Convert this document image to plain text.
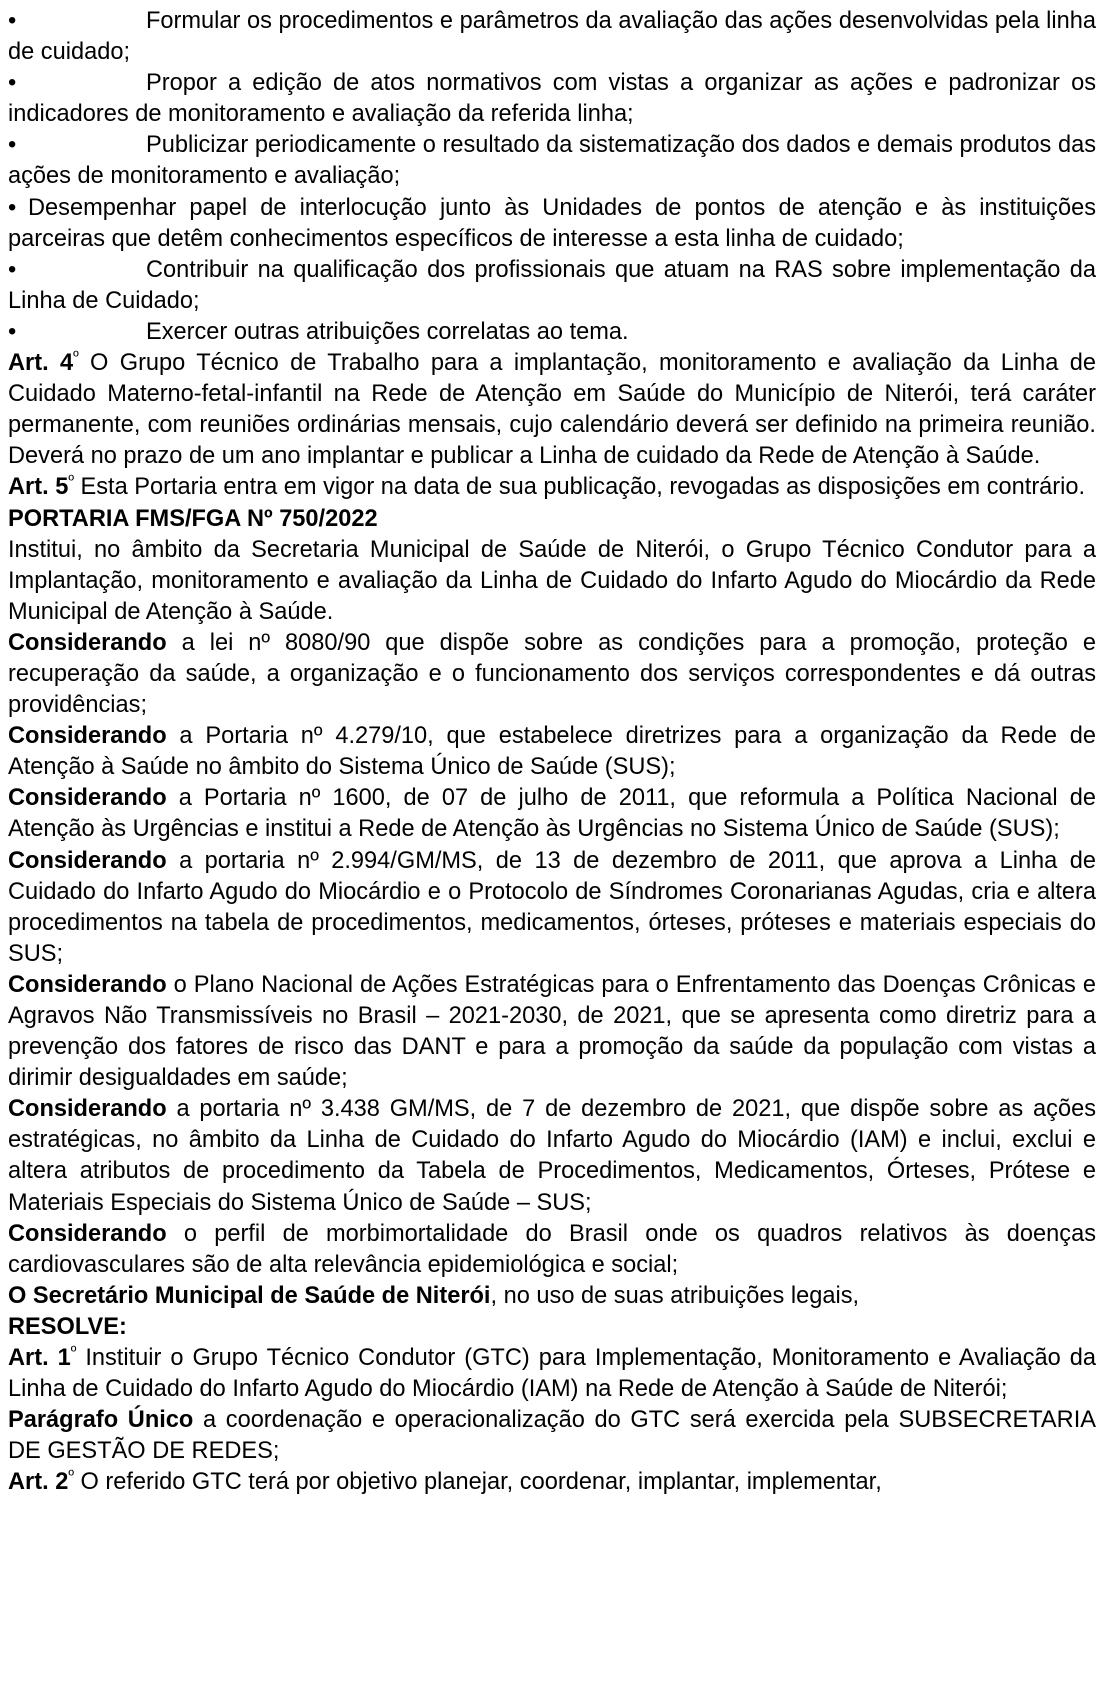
•	Formular os procedimentos e parâmetros da avaliação das ações desenvolvidas pela linha de cuidado;

•	Propor a edição de atos normativos com vistas a organizar as ações e padronizar os indicadores de monitoramento e avaliação da referida linha;

•	Publicizar periodicamente o resultado da sistematização dos dados e demais produtos das ações de monitoramento e avaliação;

• Desempenhar papel de interlocução junto às Unidades de pontos de atenção e às instituições parceiras que detêm conhecimentos específicos de interesse a esta linha de cuidado;

•	Contribuir na qualificação dos profissionais que atuam na RAS sobre implementação da Linha de Cuidado;

•	Exercer outras atribuições correlatas ao tema.

Art. $4^º$ O Grupo Técnico de Trabalho para a implantação, monitoramento e avaliação da Linha de Cuidado Materno-fetal-infantil na Rede de Atenção em Saúde do Município de Niterói, terá caráter permanente, com reuniões ordinárias mensais, cujo calendário deverá ser definido na primeira reunião. Deverá no prazo de um ano implantar e publicar a Linha de cuidado da Rede de Atenção à Saúde.

Art. $5^º$ Esta Portaria entra em vigor na data de sua publicação, revogadas as disposições em contrário.

PORTARIA FMS/FGA Nº 750/2022

Institui, no âmbito da Secretaria Municipal de Saúde de Niterói, o Grupo Técnico Condutor para a Implantação, monitoramento e avaliação da Linha de Cuidado do Infarto Agudo do Miocárdio da Rede Municipal de Atenção à Saúde.

Considerando a lei nº 8080/90 que dispõe sobre as condições para a promoção, proteção e recuperação da saúde, a organização e o funcionamento dos serviços correspondentes e dá outras providências;

Considerando a Portaria nº 4.279/10, que estabelece diretrizes para a organização da Rede de Atenção à Saúde no âmbito do Sistema Único de Saúde (SUS);

Considerando a Portaria nº 1600, de 07 de julho de 2011, que reformula a Política Nacional de Atenção às Urgências e institui a Rede de Atenção às Urgências no Sistema Único de Saúde (SUS);

Considerando a portaria nº 2.994/GM/MS, de 13 de dezembro de 2011, que aprova a Linha de Cuidado do Infarto Agudo do Miocárdio e o Protocolo de Síndromes Coronarianas Agudas, cria e altera procedimentos na tabela de procedimentos, medicamentos, órteses, próteses e materiais especiais do SUS;

Considerando o Plano Nacional de Ações Estratégicas para o Enfrentamento das Doenças Crônicas e Agravos Não Transmissíveis no Brasil – 2021-2030, de 2021, que se apresenta como diretriz para a prevenção dos fatores de risco das DANT e para a promoção da saúde da população com vistas a dirimir desigualdades em saúde;

Considerando a portaria nº 3.438 GM/MS, de 7 de dezembro de 2021, que dispõe sobre as ações estratégicas, no âmbito da Linha de Cuidado do Infarto Agudo do Miocárdio (IAM) e inclui, exclui e altera atributos de procedimento da Tabela de Procedimentos, Medicamentos, Órteses, Prótese e Materiais Especiais do Sistema Único de Saúde – SUS;

Considerando o perfil de morbimortalidade do Brasil onde os quadros relativos às doenças cardiovasculares são de alta relevância epidemiológica e social;

O Secretário Municipal de Saúde de Niterói, no uso de suas atribuições legais,

RESOLVE:

Art. $1^º$ Instituir o Grupo Técnico Condutor (GTC) para Implementação, Monitoramento e Avaliação da Linha de Cuidado do Infarto Agudo do Miocárdio (IAM) na Rede de Atenção à Saúde de Niterói;

Parágrafo Único a coordenação e operacionalização do GTC será exercida pela SUBSECRETARIA DE GESTÃO DE REDES;

Art. $2^º$ O referido GTC terá por objetivo planejar, coordenar, implantar, implementar,
